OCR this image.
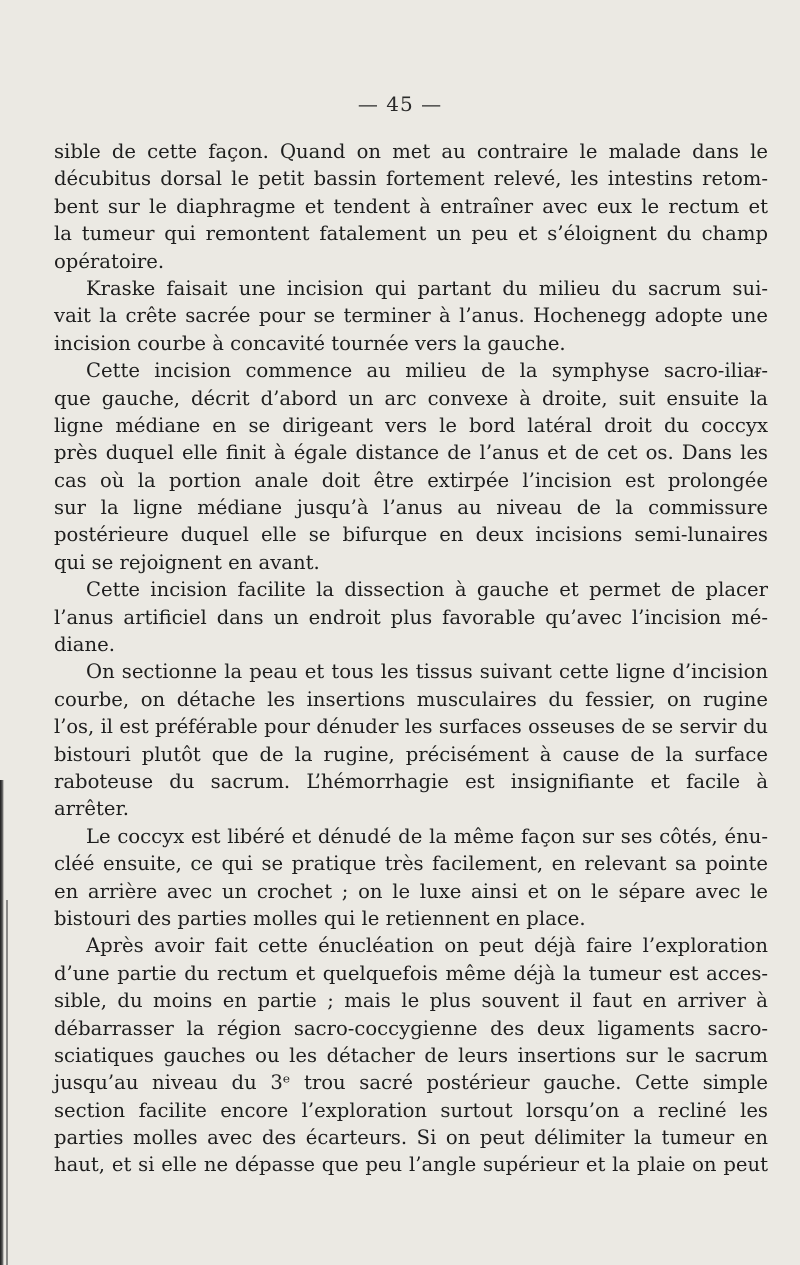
— 45 —
sible de cette façon. Quand on met au contraire le malade dans le
décubitus dorsal le petit bassin fortement relevé, les intestins retom-
bent sur le diaphragme et tendent à entraîner avec eux le rectum et
la tumeur qui remontent fatalement un peu et s’éloignent du champ
opératoire.
Kraske faisait une incision qui partant du milieu du sacrum sui-
vait la crête sacrée pour se terminer à l’anus. Hochenegg adopte une
incision courbe à concavité tournée vers la gauche.
Cette incision commence au milieu de la symphyse sacro-iliaᵲ-
que gauche, décrit d’abord un arc convexe à droite, suit ensuite la
ligne médiane en se dirigeant vers le bord latéral droit du coccyx
près duquel elle finit à égale distance de l’anus et de cet os. Dans les
cas où la portion anale doit être extirpée l’incision est prolongée
sur la ligne médiane jusqu’à l’anus au niveau de la commissure
postérieure duquel elle se bifurque en deux incisions semi-lunaires
qui se rejoignent en avant.
Cette incision facilite la dissection à gauche et permet de placer
l’anus artificiel dans un endroit plus favorable qu’avec l’incision mé-
diane.
On sectionne la peau et tous les tissus suivant cette ligne d’incision
courbe, on détache les insertions musculaires du fessier, on rugine
l’os, il est préférable pour dénuder les surfaces osseuses de se servir du
bistouri plutôt que de la rugine, précisément à cause de la surface
raboteuse du sacrum. L’hémorrhagie est insignifiante et facile à
arrêter.
Le coccyx est libéré et dénudé de la même façon sur ses côtés, énu-
cléé ensuite, ce qui se pratique très facilement, en relevant sa pointe
en arrière avec un crochet ; on le luxe ainsi et on le sépare avec le
bistouri des parties molles qui le retiennent en place.
Après avoir fait cette énucléation on peut déjà faire l’exploration
d’une partie du rectum et quelquefois même déjà la tumeur est acces-
sible, du moins en partie ; mais le plus souvent il faut en arriver à
débarrasser la région sacro-coccygienne des deux ligaments sacro-
sciatiques gauches ou les détacher de leurs insertions sur le sacrum
jusqu’au niveau du 3ᵉ trou sacré postérieur gauche. Cette simple
section facilite encore l’exploration surtout lorsqu’on a recliné les
parties molles avec des écarteurs. Si on peut délimiter la tumeur en
haut, et si elle ne dépasse que peu l’angle supérieur et la plaie on peut
